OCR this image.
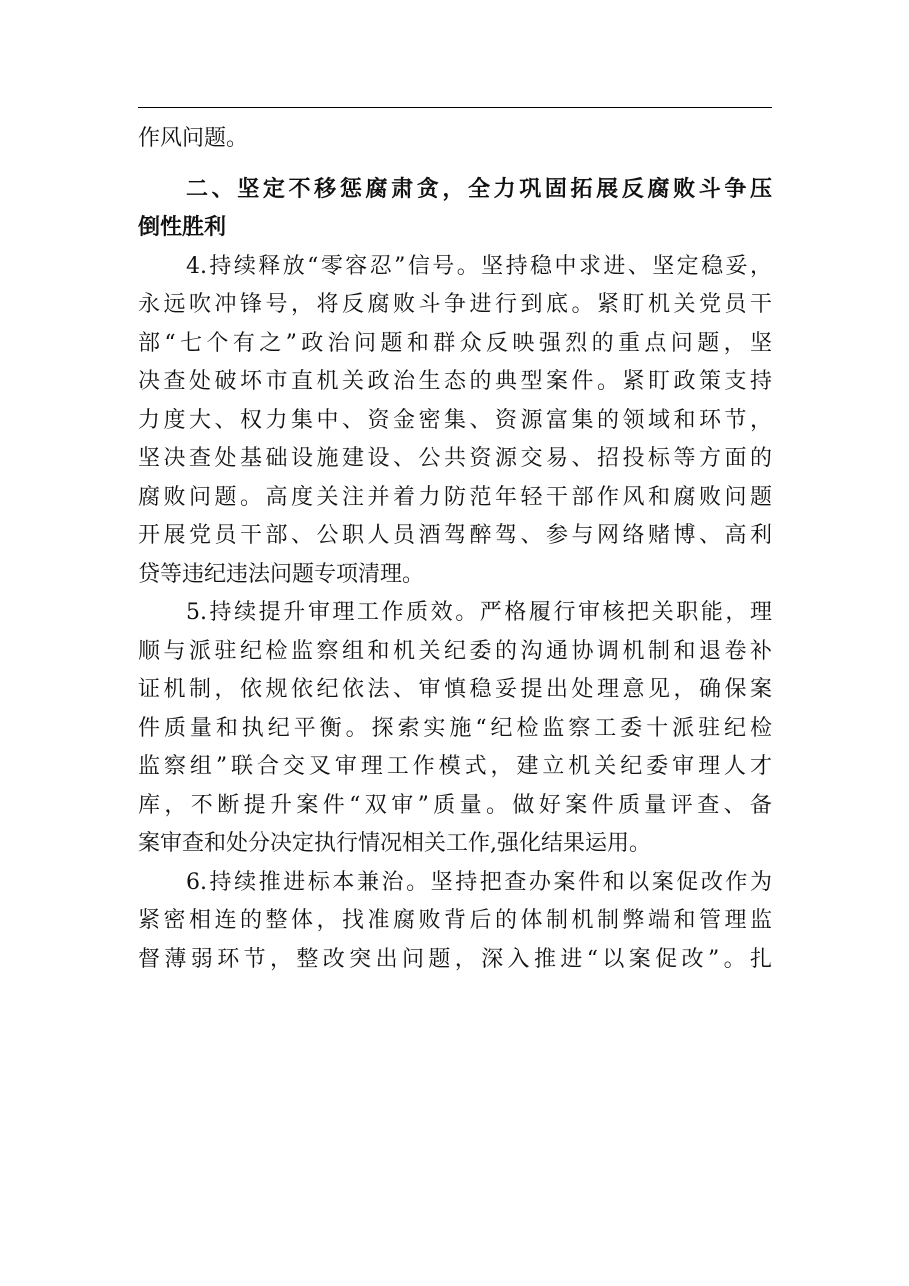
作风问题。
二、坚定不移惩腐肃贪，全力巩固拓展反腐败斗争压
倒性胜利
4.持续释放“零容忍”信号。坚持稳中求进、坚定稳妥，
永远吹冲锋号，将反腐败斗争进行到底。紧盯机关党员干
部“七个有之”政治问题和群众反映强烈的重点问题，坚
决查处破坏市直机关政治生态的典型案件。紧盯政策支持
力度大、权力集中、资金密集、资源富集的领域和环节，
坚决查处基础设施建设、公共资源交易、招投标等方面的
腐败问题。高度关注并着力防范年轻干部作风和腐败问题
开展党员干部、公职人员酒驾醉驾、参与网络赌博、高利
贷等违纪违法问题专项清理。
5.持续提升审理工作质效。严格履行审核把关职能，理
顺与派驻纪检监察组和机关纪委的沟通协调机制和退卷补
证机制，依规依纪依法、审慎稳妥提出处理意见，确保案
件质量和执纪平衡。探索实施“纪检监察工委十派驻纪检
监察组”联合交叉审理工作模式，建立机关纪委审理人才
库，不断提升案件“双审”质量。做好案件质量评查、备
案审查和处分决定执行情况相关工作,强化结果运用。
6.持续推进标本兼治。坚持把查办案件和以案促改作为
紧密相连的整体，找准腐败背后的体制机制弊端和管理监
督薄弱环节，整改突出问题，深入推进“以案促改”。扎
